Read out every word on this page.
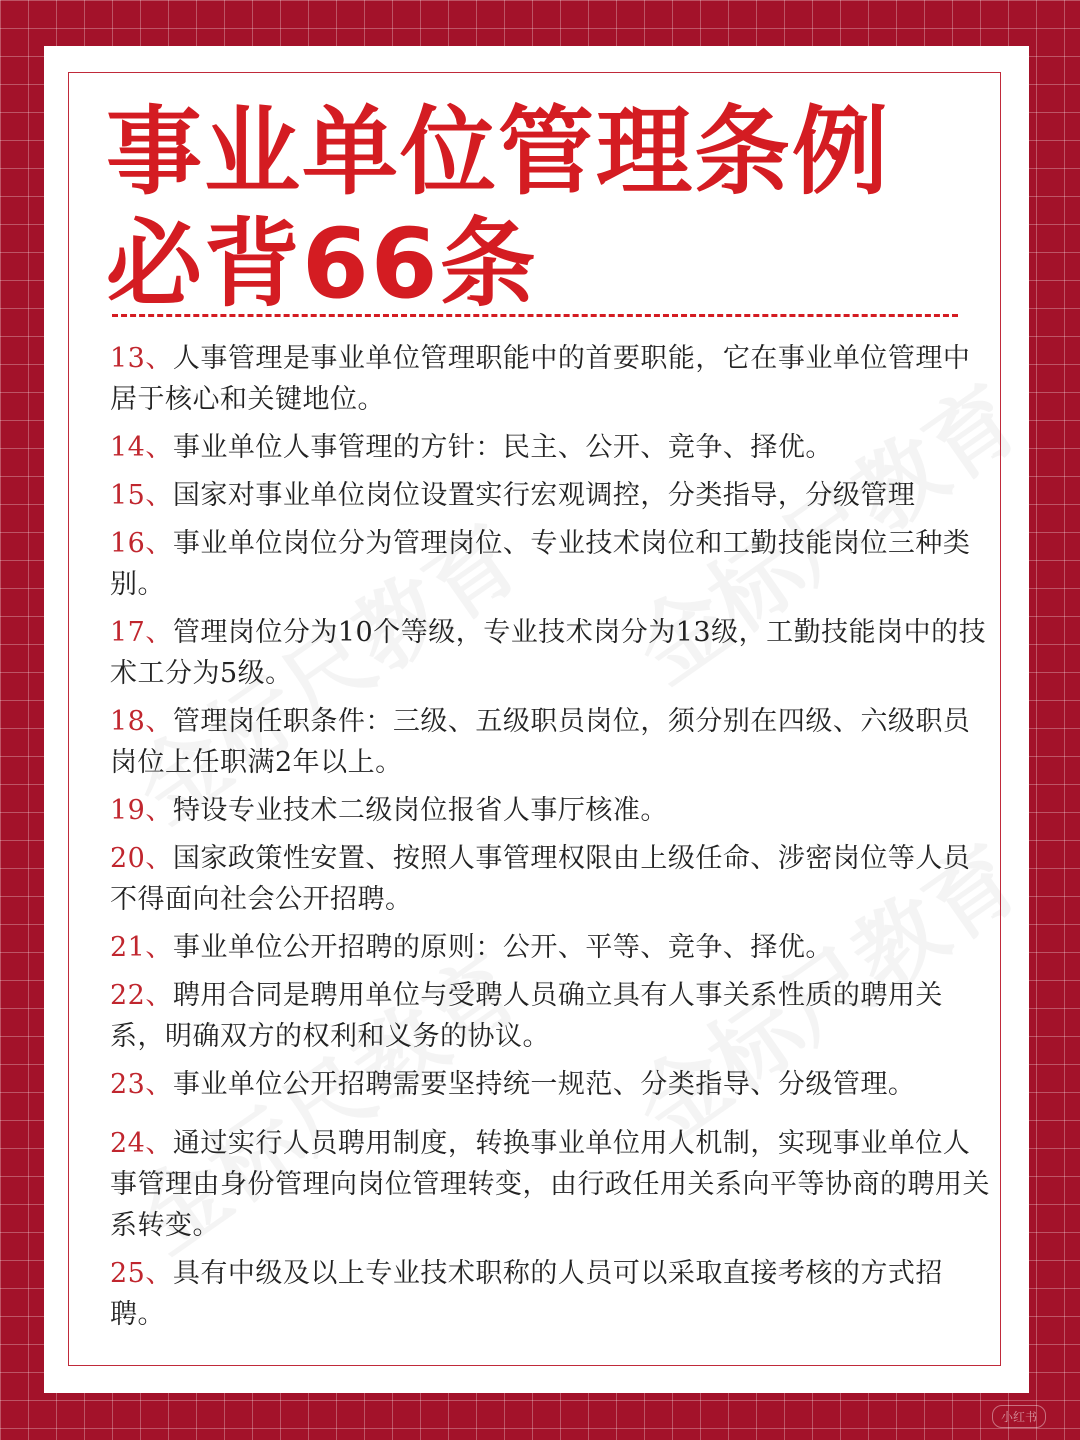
事业单位管理条例
必背66条

13、人事管理是事业单位管理职能中的首要职能，它在事业单位管理中居于核心和关键地位。

14、事业单位人事管理的方针：民主、公开、竞争、择优。

15、国家对事业单位岗位设置实行宏观调控，分类指导，分级管理

16、事业单位岗位分为管理岗位、专业技术岗位和工勤技能岗位三种类别。

17、管理岗位分为10个等级，专业技术岗分为13级，工勤技能岗中的技术工分为5级。

18、管理岗任职条件：三级、五级职员岗位，须分别在四级、六级职员岗位上任职满2年以上。

19、特设专业技术二级岗位报省人事厅核准。

20、国家政策性安置、按照人事管理权限由上级任命、涉密岗位等人员不得面向社会公开招聘。

21、事业单位公开招聘的原则：公开、平等、竞争、择优。

22、聘用合同是聘用单位与受聘人员确立具有人事关系性质的聘用关系，明确双方的权利和义务的协议。

23、事业单位公开招聘需要坚持统一规范、分类指导、分级管理。

24、通过实行人员聘用制度，转换事业单位用人机制，实现事业单位人事管理由身份管理向岗位管理转变，由行政任用关系向平等协商的聘用关系转变。

25、具有中级及以上专业技术职称的人员可以采取直接考核的方式招聘。

小红书
